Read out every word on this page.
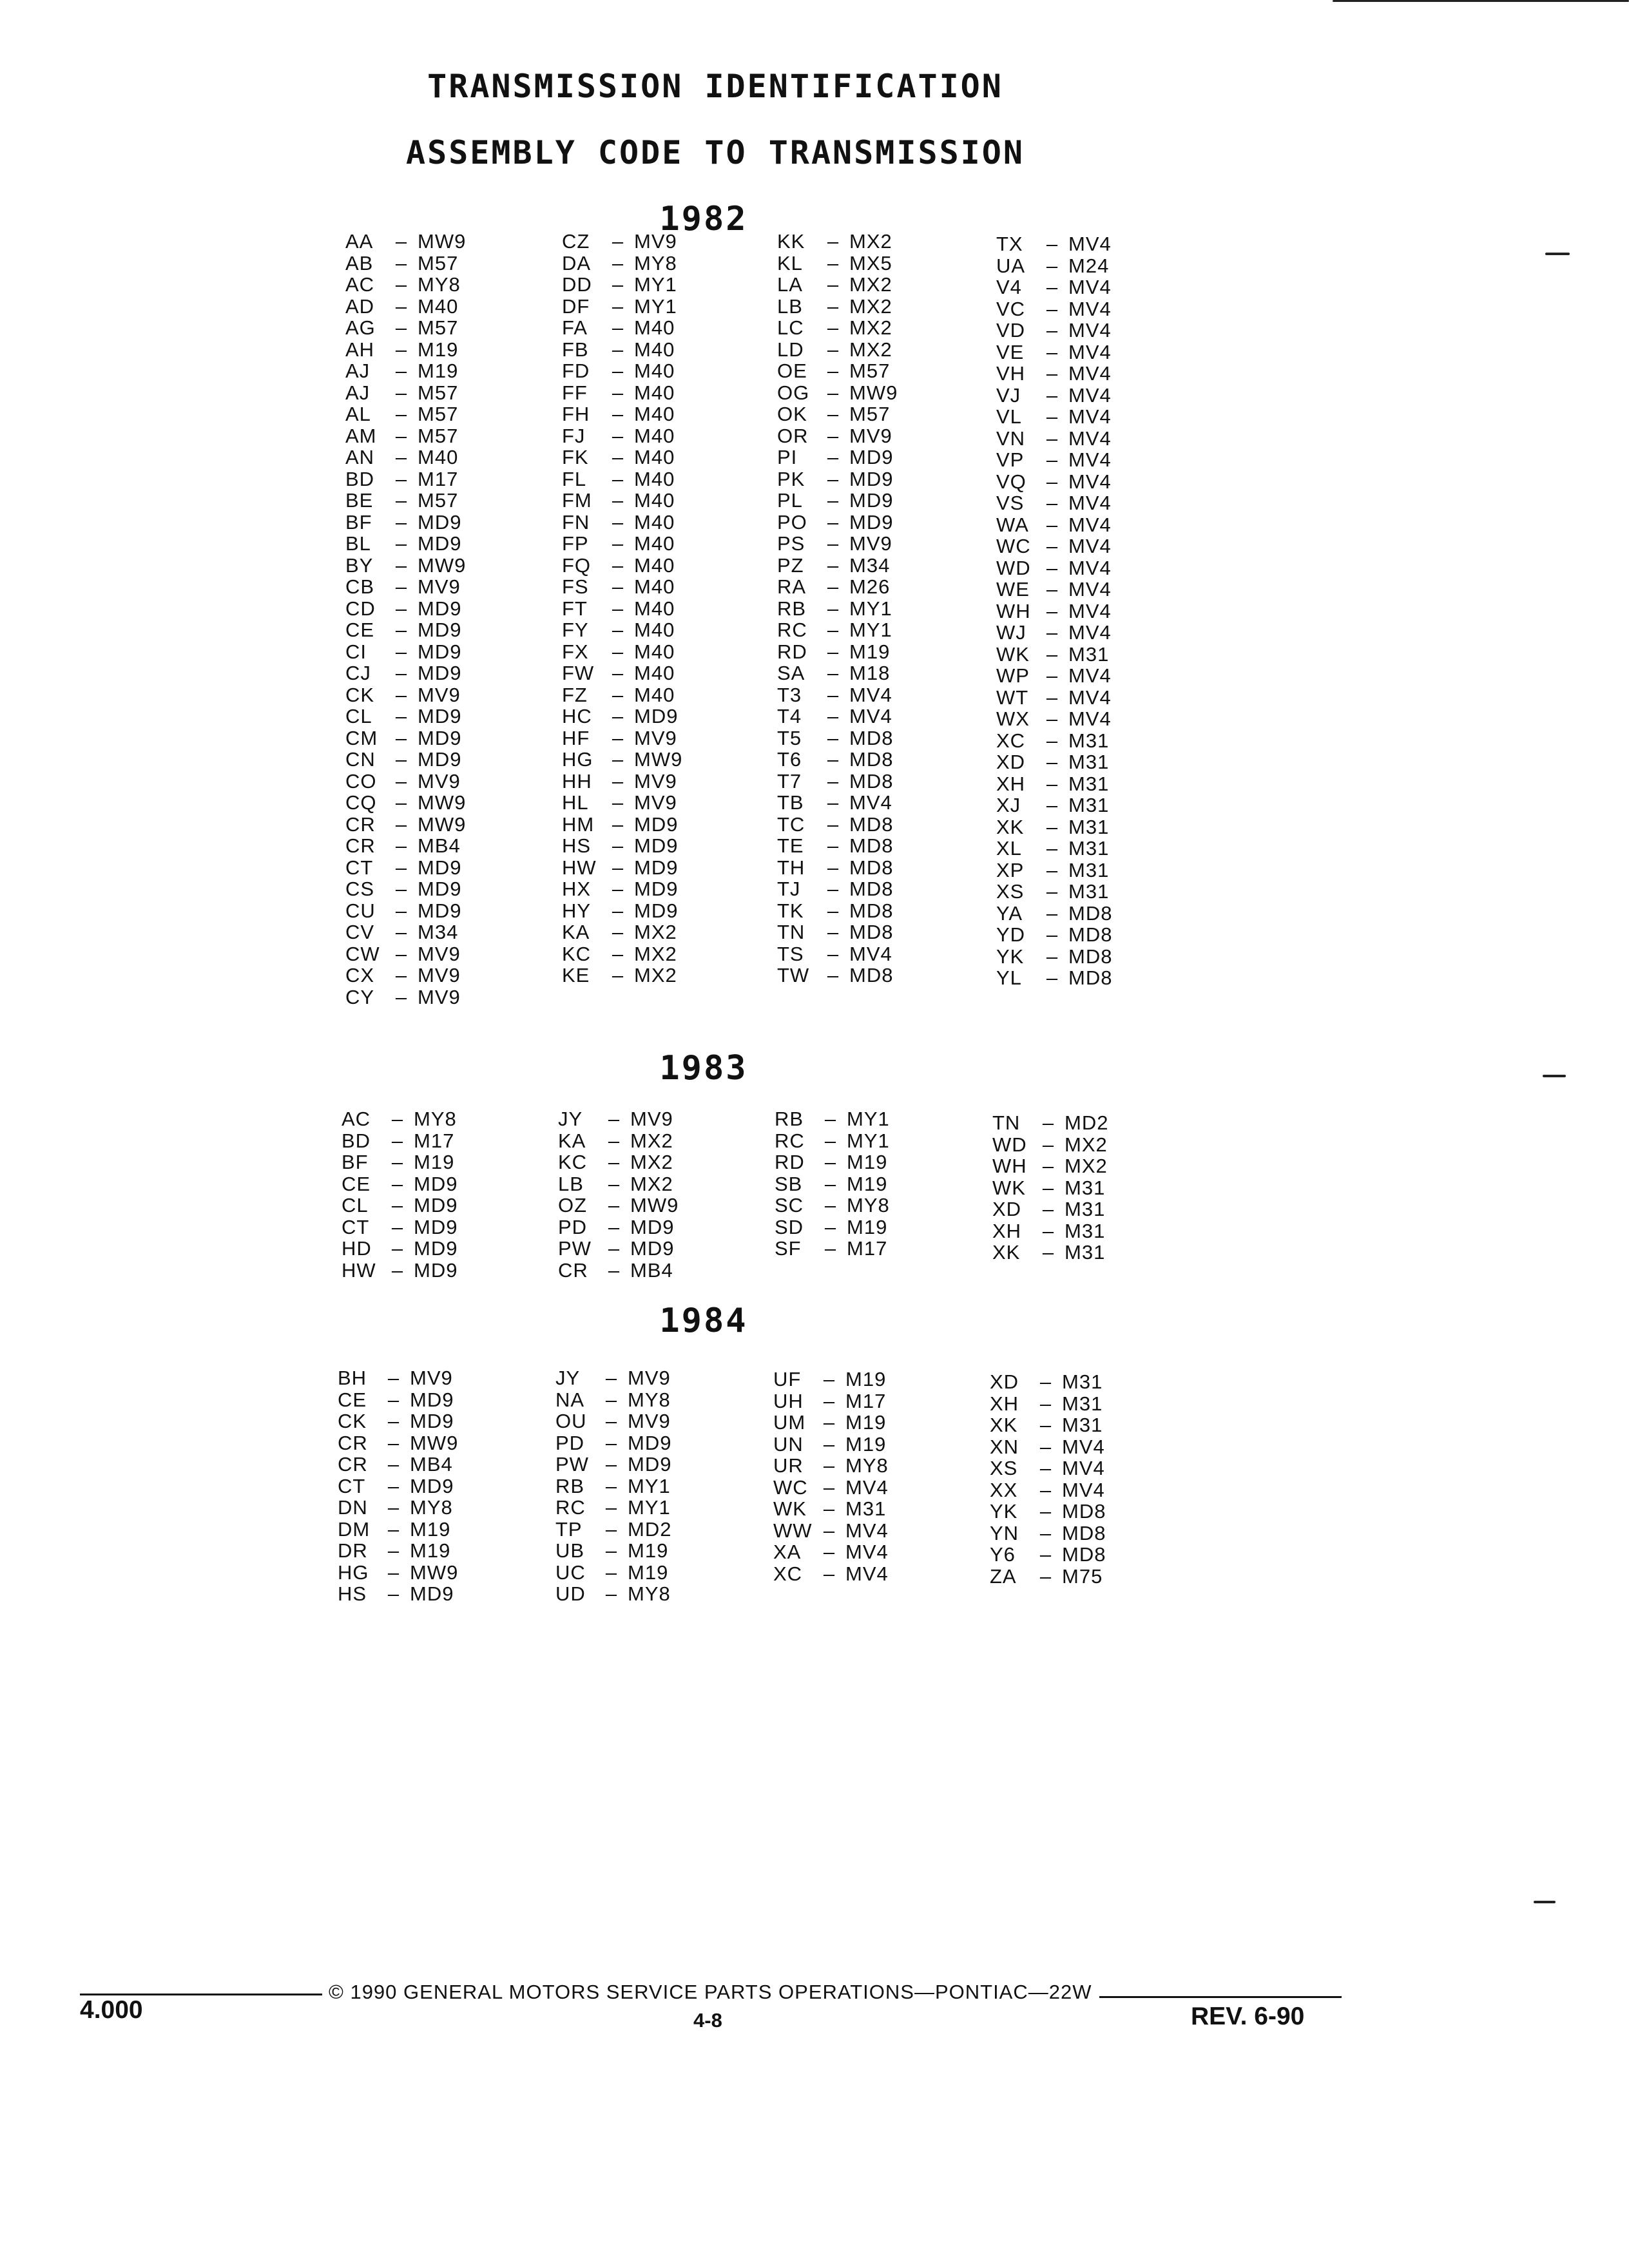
TRANSMISSION IDENTIFICATION
ASSEMBLY CODE TO TRANSMISSION
1982
1983
1984
AA – MW9
AB – M57
AC – MY8
AD – M40
AG – M57
AH – M19
AJ – M19
AJ – M57
AL – M57
AM – M57
AN – M40
BD – M17
BE – M57
BF – MD9
BL – MD9
BY – MW9
CB – MV9
CD – MD9
CE – MD9
CI – MD9
CJ – MD9
CK – MV9
CL – MD9
CM – MD9
CN – MD9
CO – MV9
CQ – MW9
CR – MW9
CR – MB4
CT – MD9
CS – MD9
CU – MD9
CV – M34
CW – MV9
CX – MV9
CY – MV9
CZ – MV9
DA – MY8
DD – MY1
DF – MY1
FA – M40
FB – M40
FD – M40
FF – M40
FH – M40
FJ – M40
FK – M40
FL – M40
FM – M40
FN – M40
FP – M40
FQ – M40
FS – M40
FT – M40
FY – M40
FX – M40
FW – M40
FZ – M40
HC – MD9
HF – MV9
HG – MW9
HH – MV9
HL – MV9
HM – MD9
HS – MD9
HW – MD9
HX – MD9
HY – MD9
KA – MX2
KC – MX2
KE – MX2
KK – MX2
KL – MX5
LA – MX2
LB – MX2
LC – MX2
LD – MX2
OE – M57
OG – MW9
OK – M57
OR – MV9
PI – MD9
PK – MD9
PL – MD9
PO – MD9
PS – MV9
PZ – M34
RA – M26
RB – MY1
RC – MY1
RD – M19
SA – M18
T3 – MV4
T4 – MV4
T5 – MD8
T6 – MD8
T7 – MD8
TB – MV4
TC – MD8
TE – MD8
TH – MD8
TJ – MD8
TK – MD8
TN – MD8
TS – MV4
TW – MD8
TX – MV4
UA – M24
V4 – MV4
VC – MV4
VD – MV4
VE – MV4
VH – MV4
VJ – MV4
VL – MV4
VN – MV4
VP – MV4
VQ – MV4
VS – MV4
WA – MV4
WC – MV4
WD – MV4
WE – MV4
WH – MV4
WJ – MV4
WK – M31
WP – MV4
WT – MV4
WX – MV4
XC – M31
XD – M31
XH – M31
XJ – M31
XK – M31
XL – M31
XP – M31
XS – M31
YA – MD8
YD – MD8
YK – MD8
YL – MD8
AC – MY8
BD – M17
BF – M19
CE – MD9
CL – MD9
CT – MD9
HD – MD9
HW – MD9
JY – MV9
KA – MX2
KC – MX2
LB – MX2
OZ – MW9
PD – MD9
PW – MD9
CR – MB4
RB – MY1
RC – MY1
RD – M19
SB – M19
SC – MY8
SD – M19
SF – M17
TN – MD2
WD – MX2
WH – MX2
WK – M31
XD – M31
XH – M31
XK – M31
BH – MV9
CE – MD9
CK – MD9
CR – MW9
CR – MB4
CT – MD9
DN – MY8
DM – M19
DR – M19
HG – MW9
HS – MD9
JY – MV9
NA – MY8
OU – MV9
PD – MD9
PW – MD9
RB – MY1
RC – MY1
TP – MD2
UB – M19
UC – M19
UD – MY8
UF – M19
UH – M17
UM – M19
UN – M19
UR – MY8
WC – MV4
WK – M31
WW – MV4
XA – MV4
XC – MV4
XD – M31
XH – M31
XK – M31
XN – MV4
XS – MV4
XX – MV4
YK – MD8
YN – MD8
Y6 – MD8
ZA – M75
© 1990 GENERAL MOTORS SERVICE PARTS OPERATIONS—PONTIAC—22W
4.000	4-8	REV. 6-90
